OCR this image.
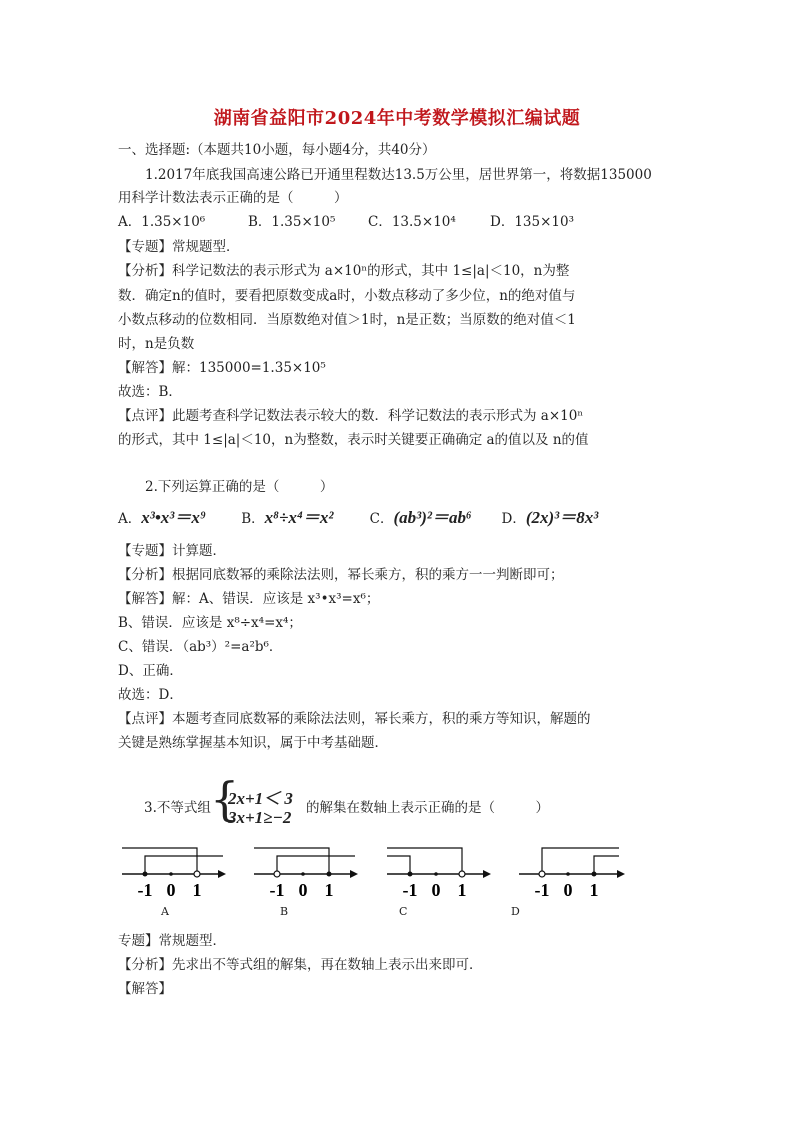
湖南省益阳市2024年中考数学模拟汇编试题
一、选择题:（本题共10小题，每小题4分，共40分）
1.2017年底我国高速公路已开通里程数达13.5万公里，居世界第一，将数据135000
用科学计数法表示正确的是（　　　）
A．1.35×10⁶	B．1.35×10⁵ C．13.5×10⁴	D．135×10³
【专题】常规题型．
【分析】科学记数法的表示形式为 a×10ⁿ的形式，其中 1≤|a|＜10，n为整
数．确定n的值时，要看把原数变成a时，小数点移动了多少位，n的绝对值与
小数点移动的位数相同．当原数绝对值＞1时，n是正数；当原数的绝对值＜1
时，n是负数
【解答】解：135000=1.35×10⁵
故选：B．
【点评】此题考查科学记数法表示较大的数．科学记数法的表示形式为 a×10ⁿ
的形式，其中 1≤|a|＜10，n为整数，表示时关键要正确确定 a的值以及 n的值
2.下列运算正确的是（　　　）
A．x³•x³＝x⁹	B．x⁸÷x⁴＝x²	C．(ab³)²＝ab⁶ D．(2x)³＝8x³
【专题】计算题．
【分析】根据同底数幂的乘除法法则，幂长乘方，积的乘方一一判断即可；
【解答】解：A、错误．应该是 x³•x³=x⁶；
B、错误．应该是 x⁸÷x⁴=x⁴；
C、错误．（ab³）²=a²b⁶．
D、正确．
故选：D．
【点评】本题考查同底数幂的乘除法法则，幂长乘方，积的乘方等知识，解题的
关键是熟练掌握基本知识，属于中考基础题．
3.不等式组 {
2x+1＜ 3
3x+1≥−2 的解集在数轴上表示正确的是（　　　）
-1 0 1	-1 0 1	-1 0 1	-1 0 1
A	B	C	D
专题】常规题型．
【分析】先求出不等式组的解集，再在数轴上表示出来即可．
【解答】
